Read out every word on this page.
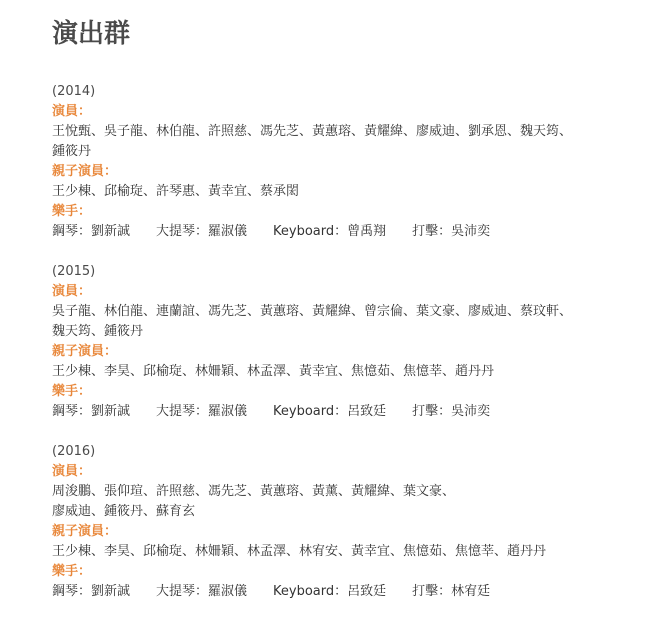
演出群
(2014)
演員：
王悅甄、吳子龍、林伯龍、許照慈、馮先芝、黃蕙瑢、黃耀緯、廖威迪、劉承恩、魏天筠、
鍾筱丹
親子演員：
王少棟、邱榆琁、許琴惠、黃幸宜、蔡承閎
樂手：
鋼琴：劉新誠 大提琴：羅淑儀 Keyboard：曾禹翔 打擊：吳沛奕
(2015)
演員：
吳子龍、林伯龍、連蘭誼、馮先芝、黃蕙瑢、黃耀緯、曾宗倫、葉文豪、廖威迪、蔡玟軒、
魏天筠、鍾筱丹
親子演員：
王少棟、李昊、邱榆琁、林姍穎、林孟澤、黃幸宜、焦憶茹、焦憶莘、趙丹丹
樂手：
鋼琴：劉新誠 大提琴：羅淑儀 Keyboard：呂致廷 打擊：吳沛奕
(2016)
演員：
周浚鵬、張仰瑄、許照慈、馮先芝、黃蕙瑢、黃薰、黃耀緯、葉文豪、
廖威迪、鍾筱丹、蘇育玄
親子演員：
王少棟、李昊、邱榆琁、林姍穎、林孟澤、林宥安、黃幸宜、焦憶茹、焦憶莘、趙丹丹
樂手：
鋼琴：劉新誠 大提琴：羅淑儀 Keyboard：呂致廷 打擊：林宥廷
